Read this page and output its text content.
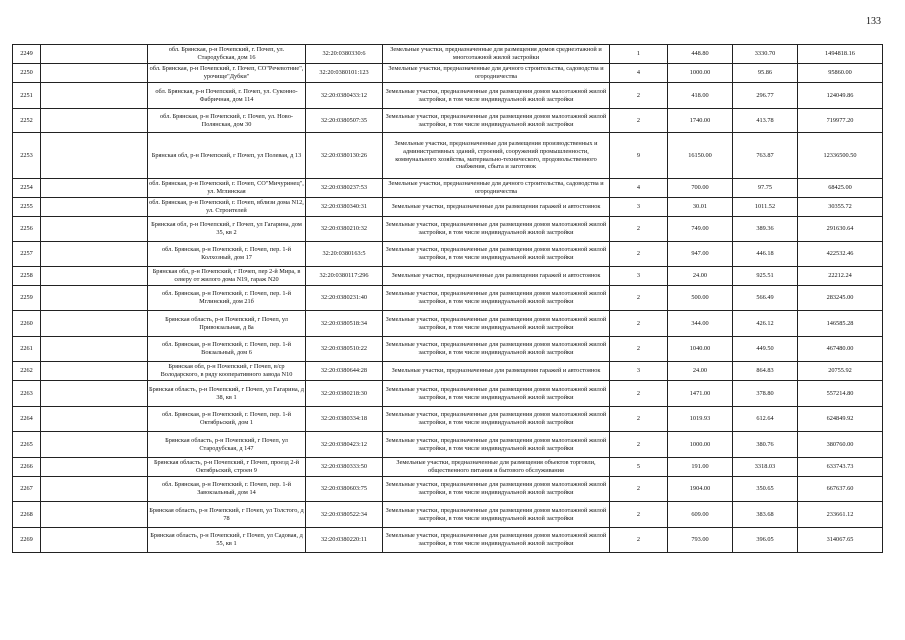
133
2249		обл. Брянская, р-н Почепский, г. Почеп, ул. Стародубская, дом 16	32:20:0380330:6	Земельные участки, предназначенные для размещения домов среднеэтажной и многоэтажной жилой застройки	1	448.80	3330.70	1494818.16
2250		обл. Брянская, р-н Почепский, г. Почеп, СО"Речевотние", урочище"Дубки"	32:20:0380101:123	Земельные участки, предназначенные для дачного строительства, садоводства и огородничества	4	1000.00	95.86	95860.00
2251		обл. Брянская, р-н Почепский, г. Почеп, ул. Суконно-Фабричная, дом 114	32:20:0380433:12	Земельные участки, предназначенные для размещения домов малоэтажной жилой застройки, в том числе индивидуальной жилой застройки	2	418.00	296.77	124049.86
2252		обл. Брянская, р-н Почепский, г. Почеп, ул. Ново-Полянская, дом 30	32:20:0380507:35	Земельные участки, предназначенные для размещения домов малоэтажной жилой застройки, в том числе индивидуальной жилой застройки	2	1740.00	413.78	719977.20
2253		Брянская обл, р-н Почепский, г Почеп, ул Полевая, д 13	32:20:0380130:26	Земельные участки, предназначенные для размещения производственных и административных зданий, строений, сооружений промышленности, коммунального хозяйства, материально-технического, продовольственного снабжения, сбыта и заготовок	9	16150.00	763.87	12336500.50
2254		обл. Брянская, р-н Почепский, г. Почеп, СО"Мичуринец", ул. Мглинская	32:20:0380237:53	Земельные участки, предназначенные для дачного строительства, садоводства и огородничества	4	700.00	97.75	68425.00
2255		обл. Брянская, р-н Почепский, г. Почеп, вблизи дома N12, ул. Строителей	32:20:0380340:31	Земельные участки, предназначенные для размещения гаражей и автостоянок	3	30.01	1011.52	30355.72
2256		Брянская обл, р-н Почепский, г Почеп, ул Гагарина, дом 35, кв 2	32:20:0380210:32	Земельные участки, предназначенные для размещения домов малоэтажной жилой застройки, в том числе индивидуальной жилой застройки	2	749.00	389.36	291630.64
2257		обл. Брянская, р-н Почепский, г. Почеп, пер. 1-й Колхозный, дом 17	32:20:0380163:5	Земельные участки, предназначенные для размещения домов малоэтажной жилой застройки, в том числе индивидуальной жилой застройки	2	947.00	446.18	422532.46
2258		Брянская обл, р-н Почепский, г Почеп, пер 2-й Мира, в северу от жилого дома N19, гараж N20	32:20:0380117:296	Земельные участки, предназначенные для размещения гаражей и автостоянок	3	24.00	925.51	22212.24
2259		обл. Брянская, р-н Почепский, г. Почеп, пер. 1-й Мглинский, дом 21б	32:20:0380231:40	Земельные участки, предназначенные для размещения домов малоэтажной жилой застройки, в том числе индивидуальной жилой застройки	2	500.00	566.49	283245.00
2260		Брянская область, р-н Почепский, г Почеп, ул Привокзальная, д 8а	32:20:0380518:34	Земельные участки, предназначенные для размещения домов малоэтажной жилой застройки, в том числе индивидуальной жилой застройки	2	344.00	426.12	146585.28
2261		обл. Брянская, р-н Почепский, г. Почеп, пер. 1-й Вокзальный, дом 6	32:20:0380510:22	Земельные участки, предназначенные для размещения домов малоэтажной жилой застройки, в том числе индивидуальной жилой застройки	2	1040.00	449.50	467480.00
2262		Брянская обл, р-н Почепский, г Почеп, в/ср Володарского, в ряду кооперативного завода N10	32:20:0380644:28	Земельные участки, предназначенные для размещения гаражей и автостоянок	3	24.00	864.83	20755.92
2263		Брянская область, р-н Почепский, г Почеп, ул Гагарина, д 38, кв 1	32:20:0380218:30	Земельные участки, предназначенные для размещения домов малоэтажной жилой застройки, в том числе индивидуальной жилой застройки	2	1471.00	378.80	557214.80
2264		обл. Брянская, р-н Почепский, г. Почеп, пер. 1-й Октябрьский, дом 1	32:20:0380334:18	Земельные участки, предназначенные для размещения домов малоэтажной жилой застройки, в том числе индивидуальной жилой застройки	2	1019.93	612.64	624849.92
2265		Брянская область, р-н Почепский, г Почеп, ул Стародубская, д 147	32:20:0380423:12	Земельные участки, предназначенные для размещения домов малоэтажной жилой застройки, в том числе индивидуальной жилой застройки	2	1000.00	380.76	380760.00
2266		Брянская область, р-н Почепский, г Почеп, проезд 2-й Октябрьский, строен 9	32:20:0380333:50	Земельные участки, предназначенные для размещения объектов торговли, общественного питания и бытового обслуживания	5	191.00	3318.03	633743.73
2267		обл. Брянская, р-н Почепский, г. Почеп, пер. 1-й Завокзальный, дом 14	32:20:0380603:75	Земельные участки, предназначенные для размещения домов малоэтажной жилой застройки, в том числе индивидуальной жилой застройки	2	1904.00	350.65	667637.60
2268		Брянская область, р-н Почепский, г Почеп, ул Толстого, д 78	32:20:0380522:34	Земельные участки, предназначенные для размещения домов малоэтажной жилой застройки, в том числе индивидуальной жилой застройки	2	609.00	383.68	233661.12
2269		Брянская область, р-н Почепский, г Почеп, ул Садовая, д 55, кв 1	32:20:0380220:11	Земельные участки, предназначенные для размещения домов малоэтажной жилой застройки, в том числе индивидуальной жилой застройки	2	793.00	396.05	314067.65
